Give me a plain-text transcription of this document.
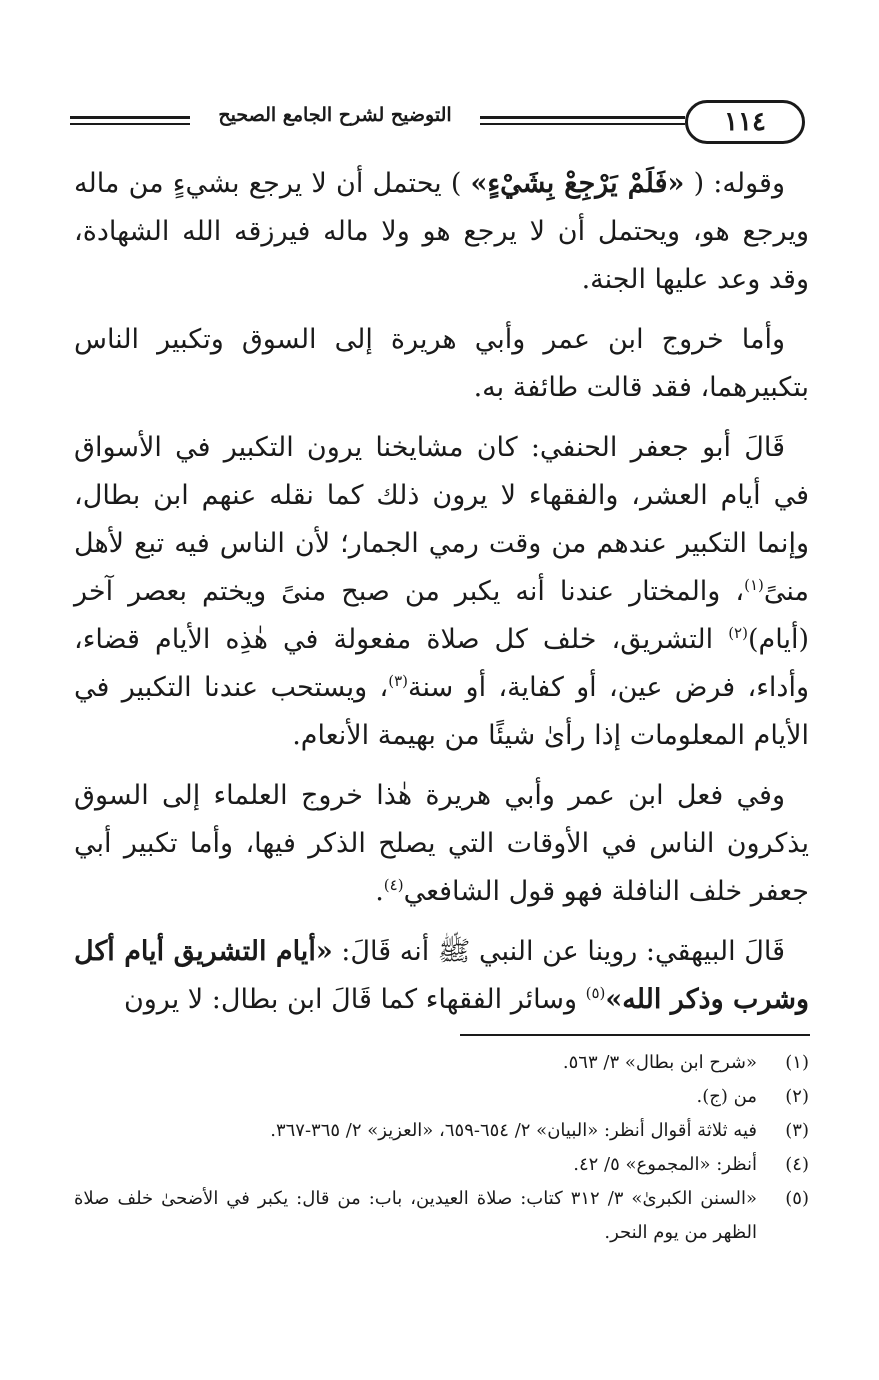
١١٤
التوضيح لشرح الجامع الصحيح

وقوله: ( «فَلَمْ يَرْجِعْ بِشَيْءٍ» ) يحتمل أن لا يرجع بشيءٍ من ماله ويرجع هو، ويحتمل أن لا يرجع هو ولا ماله فيرزقه الله الشهادة، وقد وعد عليها الجنة.

وأما خروج ابن عمر وأبي هريرة إلى السوق وتكبير الناس بتكبيرهما، فقد قالت طائفة به.

قَالَ أبو جعفر الحنفي: كان مشايخنا يرون التكبير في الأسواق في أيام العشر، والفقهاء لا يرون ذلك كما نقله عنهم ابن بطال، وإنما التكبير عندهم من وقت رمي الجمار؛ لأن الناس فيه تبع لأهل منىً$^{(١)}$، والمختار عندنا أنه يكبر من صبح منىً ويختم بعصر آخر (أيام)$^{(٢)}$ التشريق، خلف كل صلاة مفعولة في هٰذِه الأيام قضاء، وأداء، فرض عين، أو كفاية، أو سنة$^{(٣)}$، ويستحب عندنا التكبير في الأيام المعلومات إذا رأىٰ شيئًا من بهيمة الأنعام.

وفي فعل ابن عمر وأبي هريرة هٰذا خروج العلماء إلى السوق يذكرون الناس في الأوقات التي يصلح الذكر فيها، وأما تكبير أبي جعفر خلف النافلة فهو قول الشافعي$^{(٤)}$.

قَالَ البيهقي: روينا عن النبي ﷺ أنه قَالَ: «أيام التشريق أيام أكل وشرب وذكر الله»$^{(٥)}$ وسائر الفقهاء كما قَالَ ابن بطال: لا يرون

(١)
«شرح ابن بطال» ٣/ ٥٦٣.
(٢)
من (ج).
(٣)
فيه ثلاثة أقوال أنظر: «البيان» ٢/ ٦٥٤-٦٥٩، «العزيز» ٢/ ٣٦٥-٣٦٧.
(٤)
أنظر: «المجموع» ٥/ ٤٢.
(٥)
«السنن الكبرىٰ» ٣/ ٣١٢ كتاب: صلاة العيدين، باب: من قال: يكبر في الأضحىٰ خلف صلاة الظهر من يوم النحر.
